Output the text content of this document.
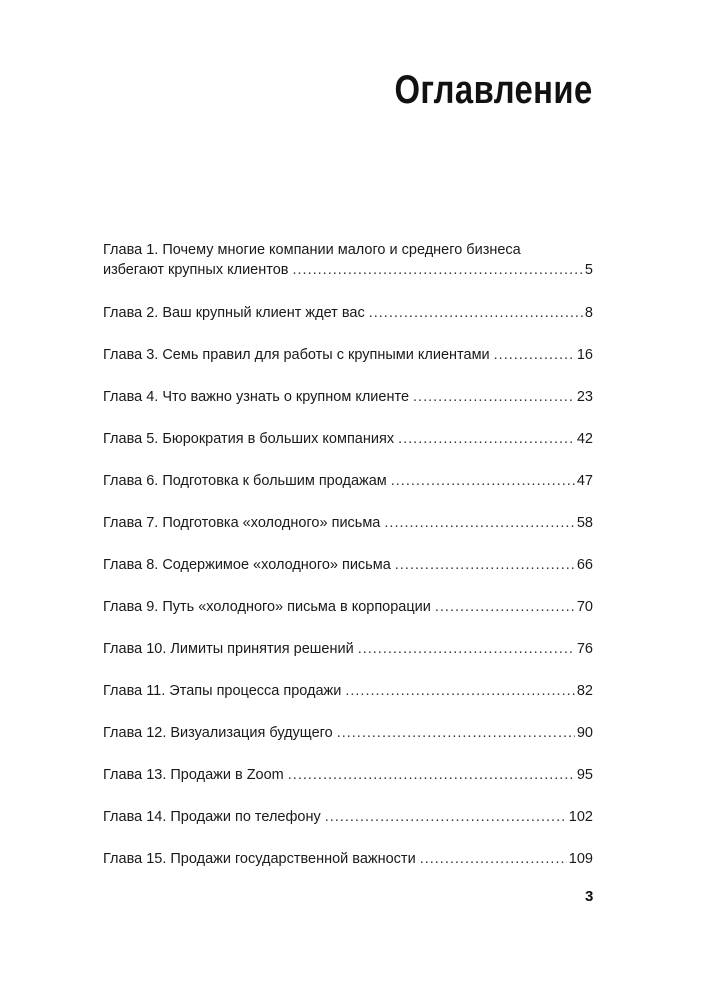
Оглавление
Глава 1. Почему многие компании малого и среднего бизнеса
избегают крупных клиентов .....	5
Глава 2. Ваш крупный клиент ждет вас .....	8
Глава 3. Семь правил для работы с крупными клиентами .....	16
Глава 4. Что важно узнать о крупном клиенте .....	23
Глава 5. Бюрократия в больших компаниях .....	42
Глава 6. Подготовка к большим продажам .....	47
Глава 7. Подготовка «холодного» письма .....	58
Глава 8. Содержимое «холодного» письма .....	66
Глава 9. Путь «холодного» письма в корпорации .....	70
Глава 10. Лимиты принятия решений .....	76
Глава 11. Этапы процесса продажи .....	82
Глава 12. Визуализация будущего .....	90
Глава 13. Продажи в Zoom .....	95
Глава 14. Продажи по телефону .....	102
Глава 15. Продажи государственной важности .....	109
3
